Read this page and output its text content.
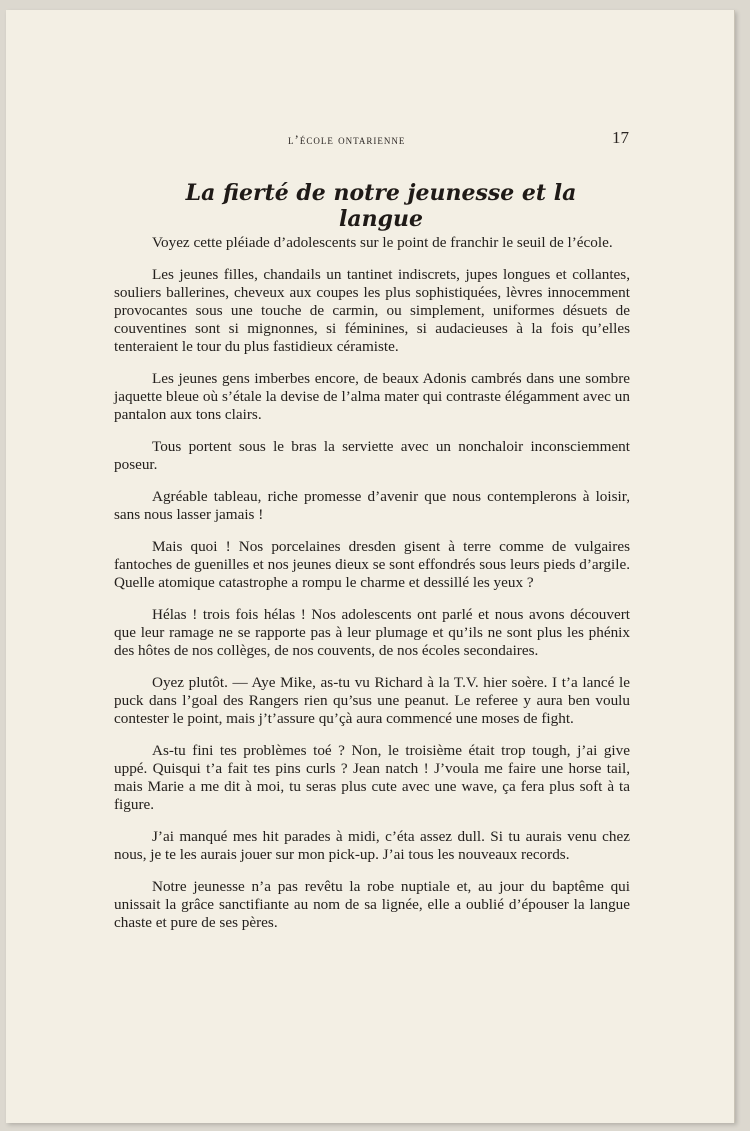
l’école ontarienne	17
La fierté de notre jeunesse et la langue

Voyez cette pléiade d’adolescents sur le point de franchir le seuil de l’école.

Les jeunes filles, chandails un tantinet indiscrets, jupes longues et collantes, souliers ballerines, cheveux aux coupes les plus sophistiquées, lèvres innocemment provocantes sous une touche de carmin, ou simplement, uniformes désuets de couventines sont si mignonnes, si féminines, si audacieuses à la fois qu’elles tenteraient le tour du plus fastidieux céramiste.

Les jeunes gens imberbes encore, de beaux Adonis cambrés dans une sombre jaquette bleue où s’étale la devise de l’alma mater qui contraste élégamment avec un pantalon aux tons clairs.

Tous portent sous le bras la serviette avec un nonchaloir inconsciemment poseur.

Agréable tableau, riche promesse d’avenir que nous contemplerons à loisir, sans nous lasser jamais !

Mais quoi ! Nos porcelaines dresden gisent à terre comme de vulgaires fantoches de guenilles et nos jeunes dieux se sont effondrés sous leurs pieds d’argile. Quelle atomique catastrophe a rompu le charme et dessillé les yeux ?

Hélas ! trois fois hélas ! Nos adolescents ont parlé et nous avons découvert que leur ramage ne se rapporte pas à leur plumage et qu’ils ne sont plus les phénix des hôtes de nos collèges, de nos couvents, de nos écoles secondaires.

Oyez plutôt. — Aye Mike, as-tu vu Richard à la T.V. hier soère. I t’a lancé le puck dans l’goal des Rangers rien qu’sus une peanut. Le referee y aura ben voulu contester le point, mais j’t’assure qu’çà aura commencé une moses de fight.

As-tu fini tes problèmes toé ? Non, le troisième était trop tough, j’ai give uppé. Quisqui t’a fait tes pins curls ? Jean natch ! J’voula me faire une horse tail, mais Marie a me dit à moi, tu seras plus cute avec une wave, ça fera plus soft à ta figure.

J’ai manqué mes hit parades à midi, c’éta assez dull. Si tu aurais venu chez nous, je te les aurais jouer sur mon pick-up. J’ai tous les nouveaux records.

Notre jeunesse n’a pas revêtu la robe nuptiale et, au jour du baptême qui unissait la grâce sanctifiante au nom de sa lignée, elle a oublié d’épouser la langue chaste et pure de ses pères.
